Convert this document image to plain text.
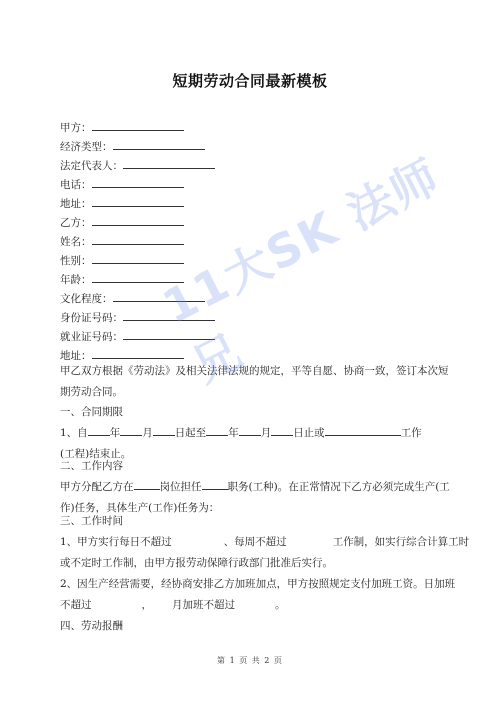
短期劳动合同最新模板
甲方：
经济类型：
法定代表人：
电话：
地址：
乙方：
姓名：
性别：
年龄：
文化程度：
身份证号码：
就业证号码：
地址：
甲乙双方根据《劳动法》及相关法律法规的规定，平等自愿、协商一致，签订本次短
期劳动合同。
一、合同期限
1、自 年 月 日起至 年 月 日止或	工作
(工程)结束止。
二、工作内容
甲方分配乙方在 岗位担任 职务(工种)。在正常情况下乙方必须完成生产(工
作)任务，具体生产(工作)任务为：
三、工作时间
1、甲方实行每日不超过	、每周不超过	工作制，如实行综合计算工时
或不定时工作制，由甲方报劳动保障行政部门批准后实行。
2、因生产经营需要，经协商安排乙方加班加点，甲方按照规定支付加班工资。日加班
不超过	， 月加班不超过	。
四、劳动报酬
11大SK 法师兄
第 1 页 共 2 页
